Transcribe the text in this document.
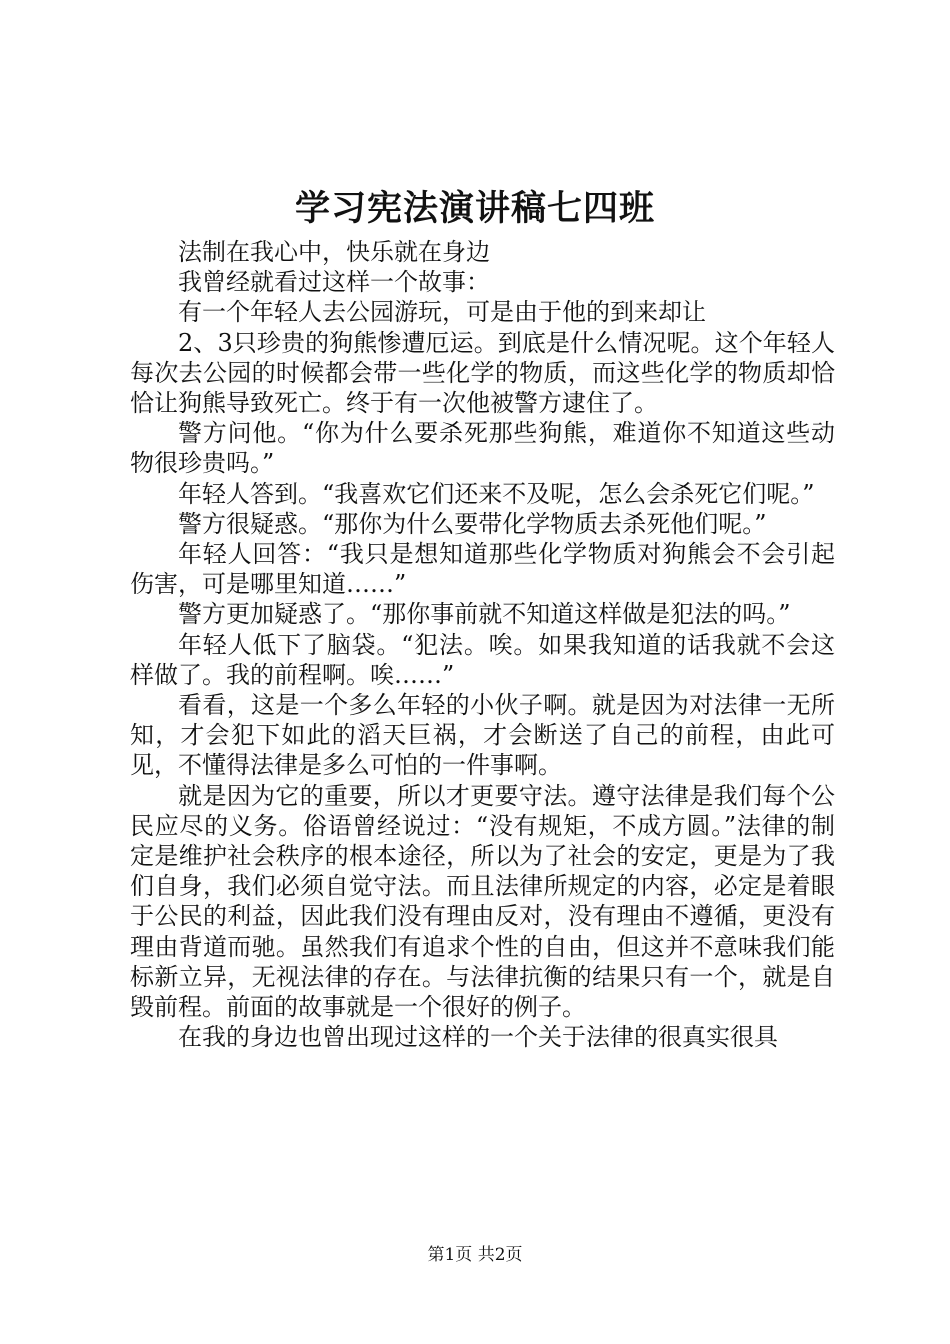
学习宪法演讲稿七四班

法制在我心中，快乐就在身边

我曾经就看过这样一个故事：

有一个年轻人去公园游玩，可是由于他的到来却让

2、3只珍贵的狗熊惨遭厄运。到底是什么情况呢。这个年轻人每次去公园的时候都会带一些化学的物质，而这些化学的物质却恰恰让狗熊导致死亡。终于有一次他被警方逮住了。

警方问他。“你为什么要杀死那些狗熊，难道你不知道这些动物很珍贵吗。”

年轻人答到。“我喜欢它们还来不及呢，怎么会杀死它们呢。”

警方很疑惑。“那你为什么要带化学物质去杀死他们呢。”

年轻人回答：“我只是想知道那些化学物质对狗熊会不会引起伤害，可是哪里知道……”

警方更加疑惑了。“那你事前就不知道这样做是犯法的吗。”

年轻人低下了脑袋。“犯法。唉。如果我知道的话我就不会这样做了。我的前程啊。唉……”

看看，这是一个多么年轻的小伙子啊。就是因为对法律一无所知，才会犯下如此的滔天巨祸，才会断送了自己的前程，由此可见，不懂得法律是多么可怕的一件事啊。

就是因为它的重要，所以才更要守法。遵守法律是我们每个公民应尽的义务。俗语曾经说过：“没有规矩，不成方圆。”法律的制定是维护社会秩序的根本途径，所以为了社会的安定，更是为了我们自身，我们必须自觉守法。而且法律所规定的内容，必定是着眼于公民的利益，因此我们没有理由反对，没有理由不遵循，更没有理由背道而驰。虽然我们有追求个性的自由，但这并不意味我们能标新立异，无视法律的存在。与法律抗衡的结果只有一个，就是自毁前程。前面的故事就是一个很好的例子。

在我的身边也曾出现过这样的一个关于法律的很真实很具

第1页 共2页
